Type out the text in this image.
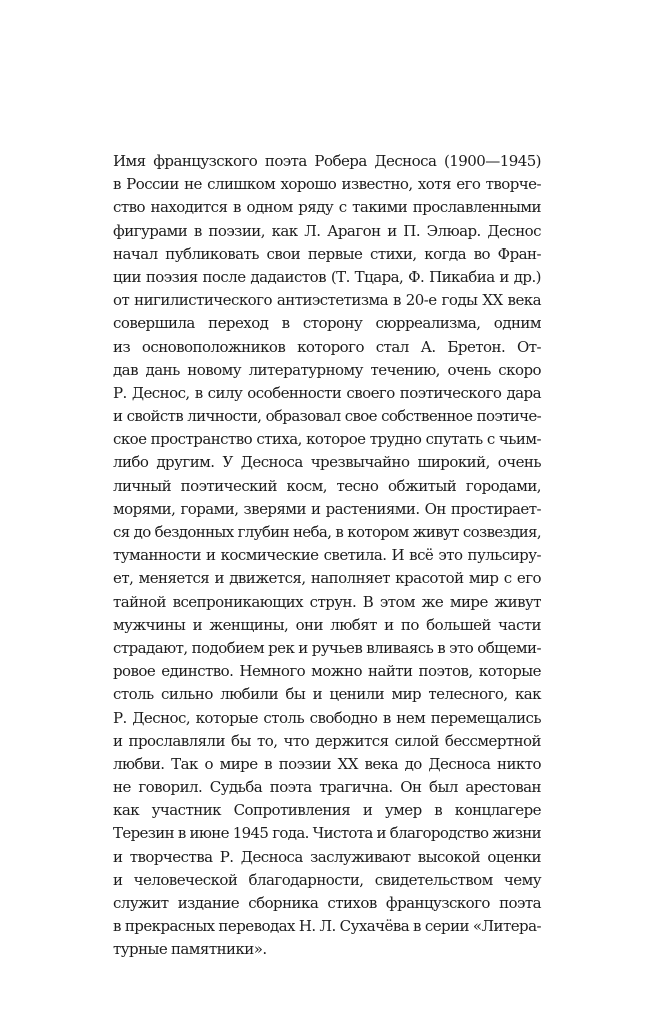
Имя французского поэта Робера Десноса (1900—1945)
в России не слишком хорошо известно, хотя его творче-
ство находится в одном ряду с такими прославленными
фигурами в поэзии, как Л. Арагон и П. Элюар. Деснос
начал публиковать свои первые стихи, когда во Фран-
ции поэзия после дадаистов (Т. Тцара, Ф. Пикабиа и др.)
от нигилистического антиэстетизма в 20-е годы XX века
совершила переход в сторону сюрреализма, одним
из основоположников которого стал А. Бретон. От-
дав дань новому литературному течению, очень скоро
Р. Деснос, в силу особенности своего поэтического дара
и свойств личности, образовал свое собственное поэтиче-
ское пространство стиха, которое трудно спутать с чьим-
либо другим. У Десноса чрезвычайно широкий, очень
личный поэтический косм, тесно обжитый городами,
морями, горами, зверями и растениями. Он простирает-
ся до бездонных глубин неба, в котором живут созвездия,
туманности и космические светила. И всё это пульсиру-
ет, меняется и движется, наполняет красотой мир с его
тайной всепроникающих струн. В этом же мире живут
мужчины и женщины, они любят и по большей части
страдают, подобием рек и ручьев вливаясь в это общеми-
ровое единство. Немного можно найти поэтов, которые
столь сильно любили бы и ценили мир телесного, как
Р. Деснос, которые столь свободно в нем перемещались
и прославляли бы то, что держится силой бессмертной
любви. Так о мире в поэзии XX века до Десноса никто
не говорил. Судьба поэта трагична. Он был арестован
как участник Сопротивления и умер в концлагере
Терезин в июне 1945 года. Чистота и благородство жизни
и творчества Р. Десноса заслуживают высокой оценки
и человеческой благодарности, свидетельством чему
служит издание сборника стихов французского поэта
в прекрасных переводах Н. Л. Сухачёва в серии «Литера-
турные памятники».
